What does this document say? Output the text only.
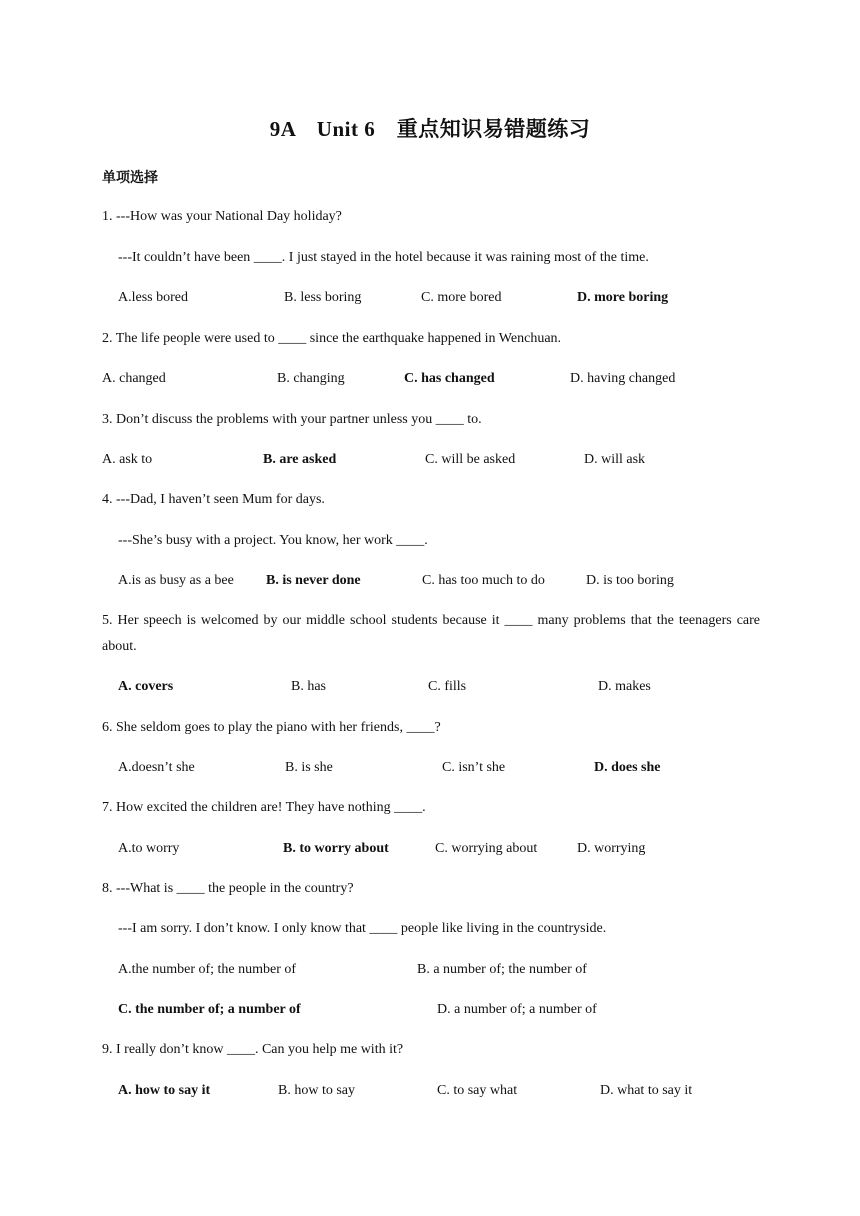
9A　Unit 6　重点知识易错题练习
单项选择
1. ---How was your National Day holiday?
---It couldn’t have been ____. I just stayed in the hotel because it was raining most of the time.
A.less bored	B. less boring	C. more bored	D. more boring
2. The life people were used to ____ since the earthquake happened in Wenchuan.
A. changed	B. changing	C. has changed	D. having changed
3. Don’t discuss the problems with your partner unless you ____ to.
A. ask to	B. are asked	C. will be asked	D. will ask
4. ---Dad, I haven’t seen Mum for days.
---She’s busy with a project. You know, her work ____.
A.is as busy as a bee B. is never done	C. has too much to do	D. is too boring
5. Her speech is welcomed by our middle school students because it ____ many problems that the teenagers care about.
A. covers	B. has	C. fills	D. makes
6. She seldom goes to play the piano with her friends, ____?
A.doesn’t she	B. is she	C. isn’t she	D. does she
7. How excited the children are! They have nothing ____.
A.to worry	B. to worry about	C. worrying about	D. worrying
8. ---What is ____ the people in the country?
---I am sorry. I don’t know. I only know that ____ people like living in the countryside.
A.the number of; the number of	B. a number of; the number of
C. the number of; a number of	D. a number of; a number of
9. I really don’t know ____. Can you help me with it?
A. how to say it	B. how to say	C. to say what	D. what to say it
